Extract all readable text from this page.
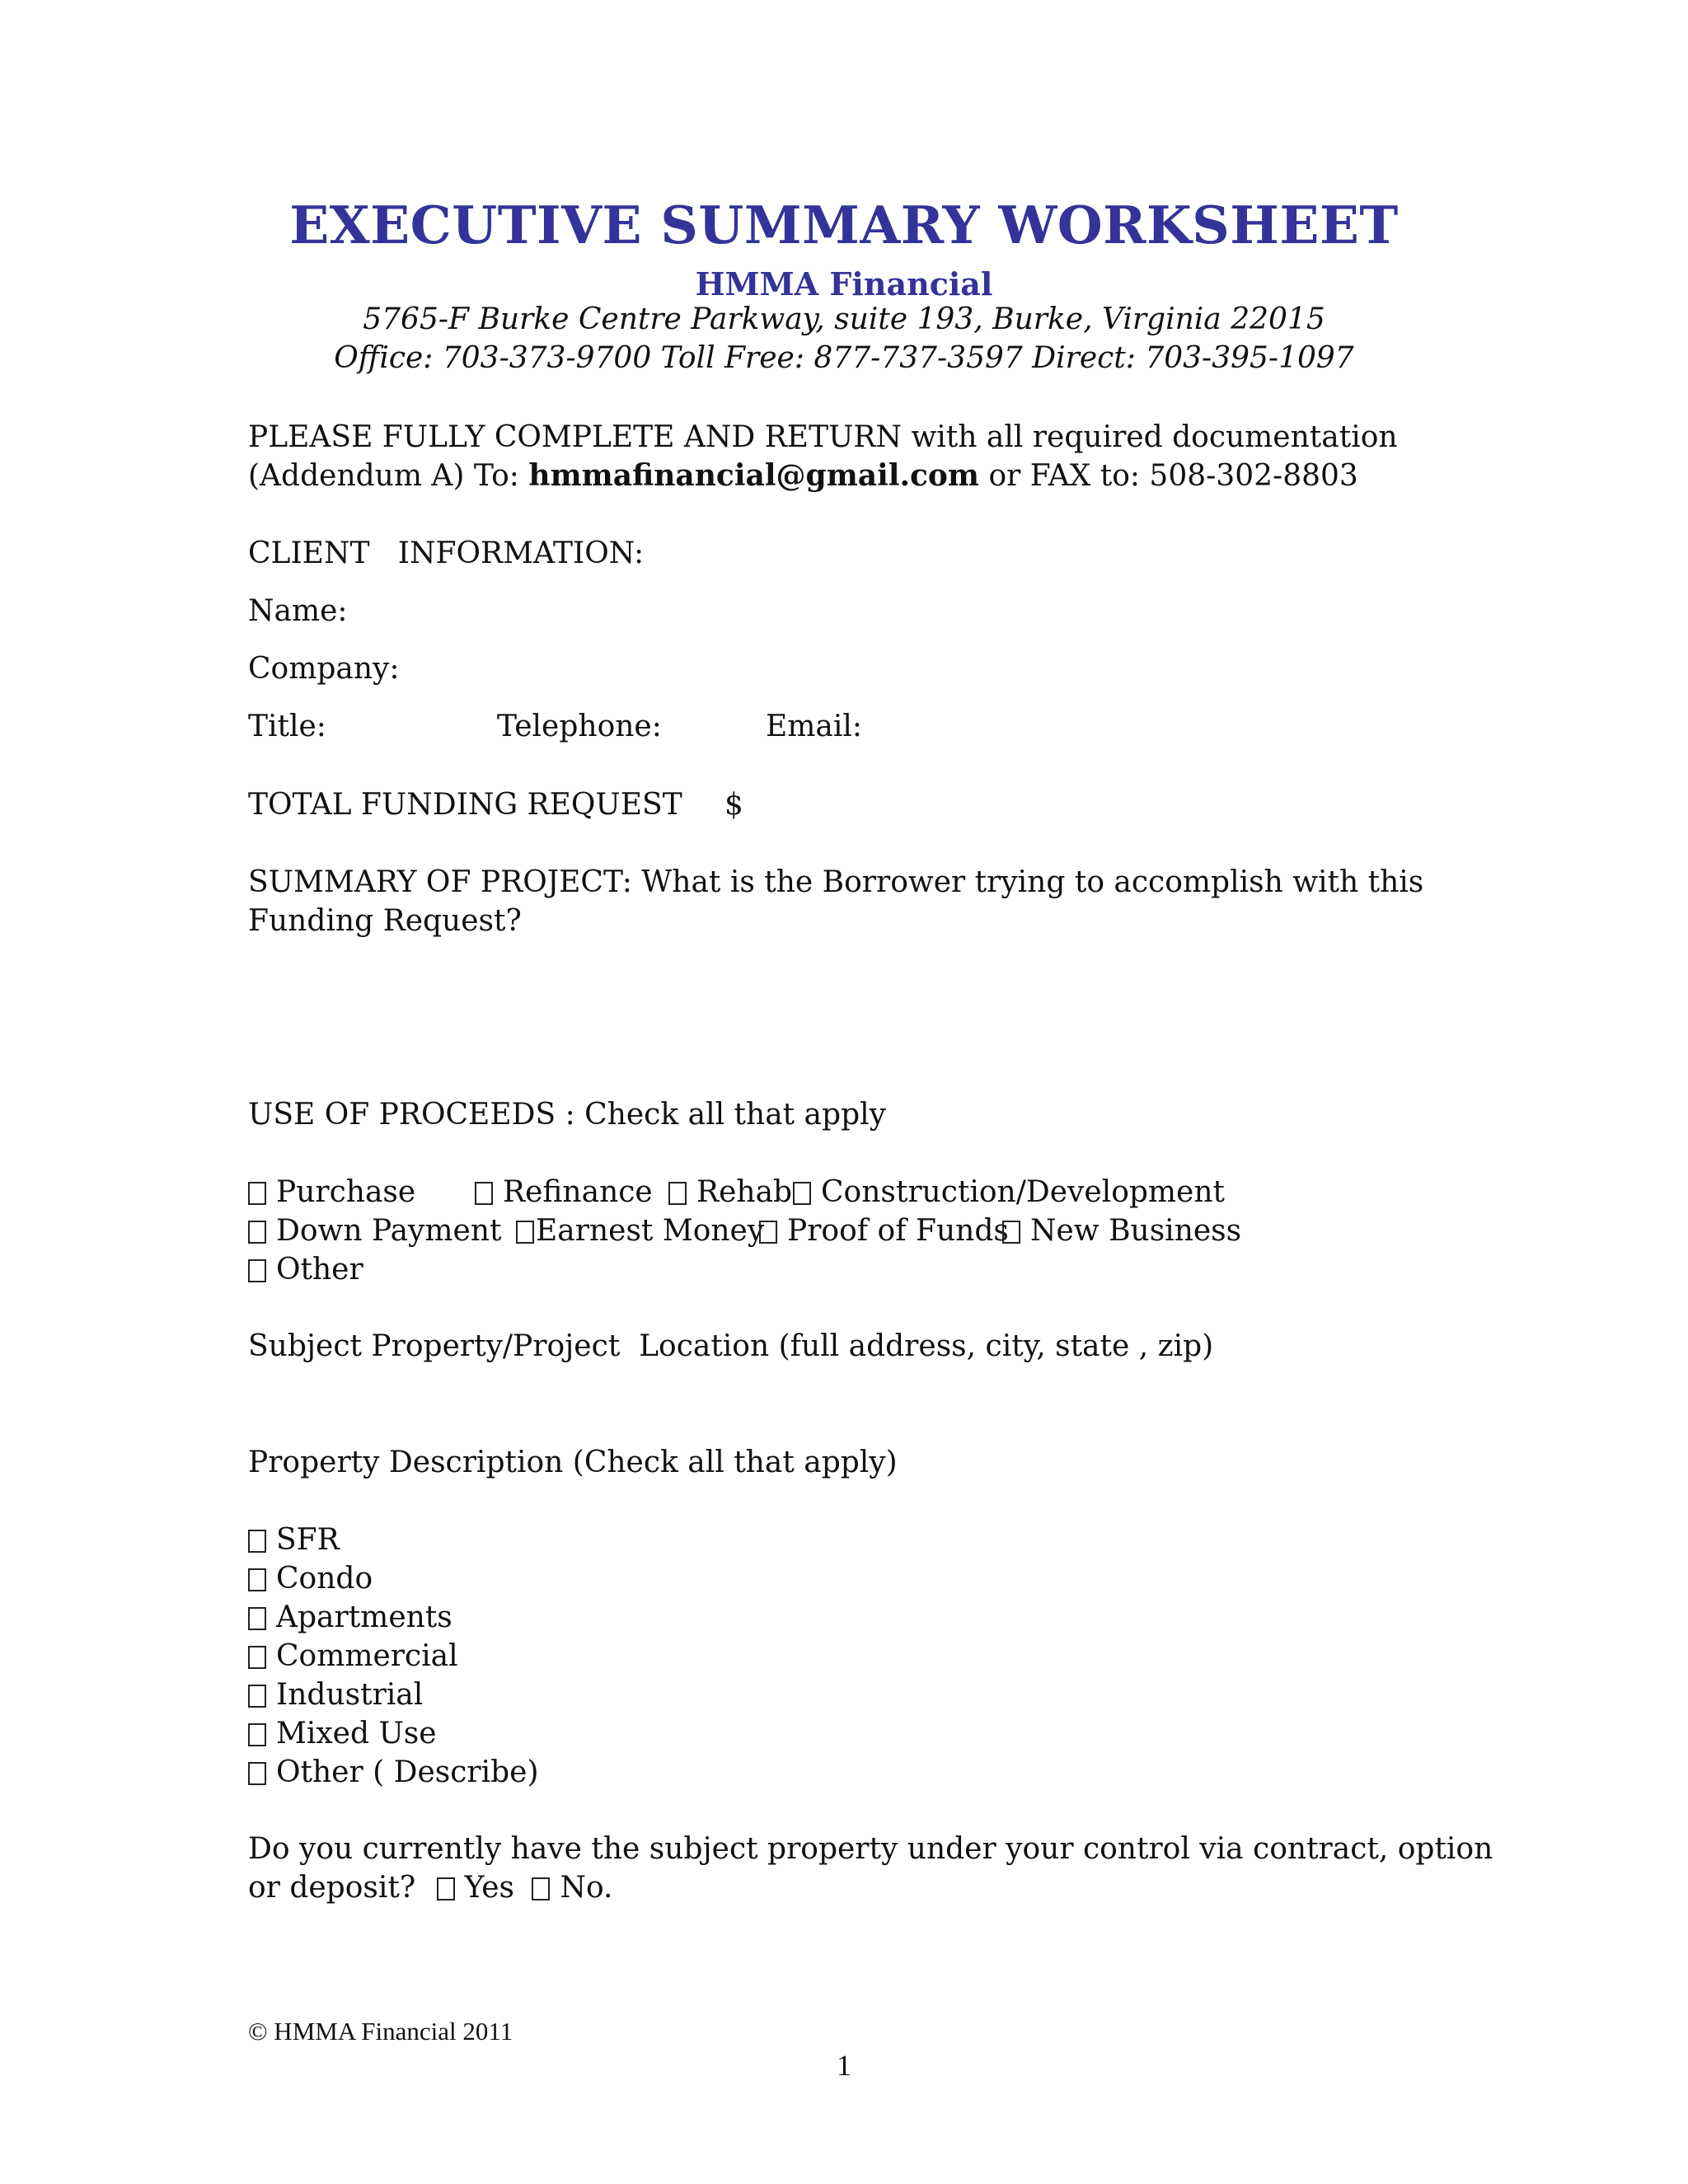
EXECUTIVE SUMMARY WORKSHEET
HMMA Financial
5765-F Burke Centre Parkway, suite 193, Burke, Virginia 22015
Office: 703-373-9700 Toll Free: 877-737-3597 Direct: 703-395-1097
PLEASE FULLY COMPLETE AND RETURN with all required documentation
(Addendum A) To: hmmafinancial@gmail.com or FAX to: 508-302-8803
CLIENT   INFORMATION:
Name:
Company:
Title:	Telephone:	Email:
TOTAL FUNDING REQUEST $
SUMMARY OF PROJECT: What is the Borrower trying to accomplish with this
Funding Request?
USE OF PROCEEDS : Check all that apply
Purchase	Refinance	Rehab Construction/Development
Down Payment	Earnest Money Proof of Funds New Business
Other
Subject Property/Project  Location (full address, city, state , zip)
Property Description (Check all that apply)
SFR
Condo
Apartments
Commercial
Industrial
Mixed Use
Other ( Describe)
Do you currently have the subject property under your control via contract, option
or deposit? Yes No.
© HMMA Financial 2011
1
